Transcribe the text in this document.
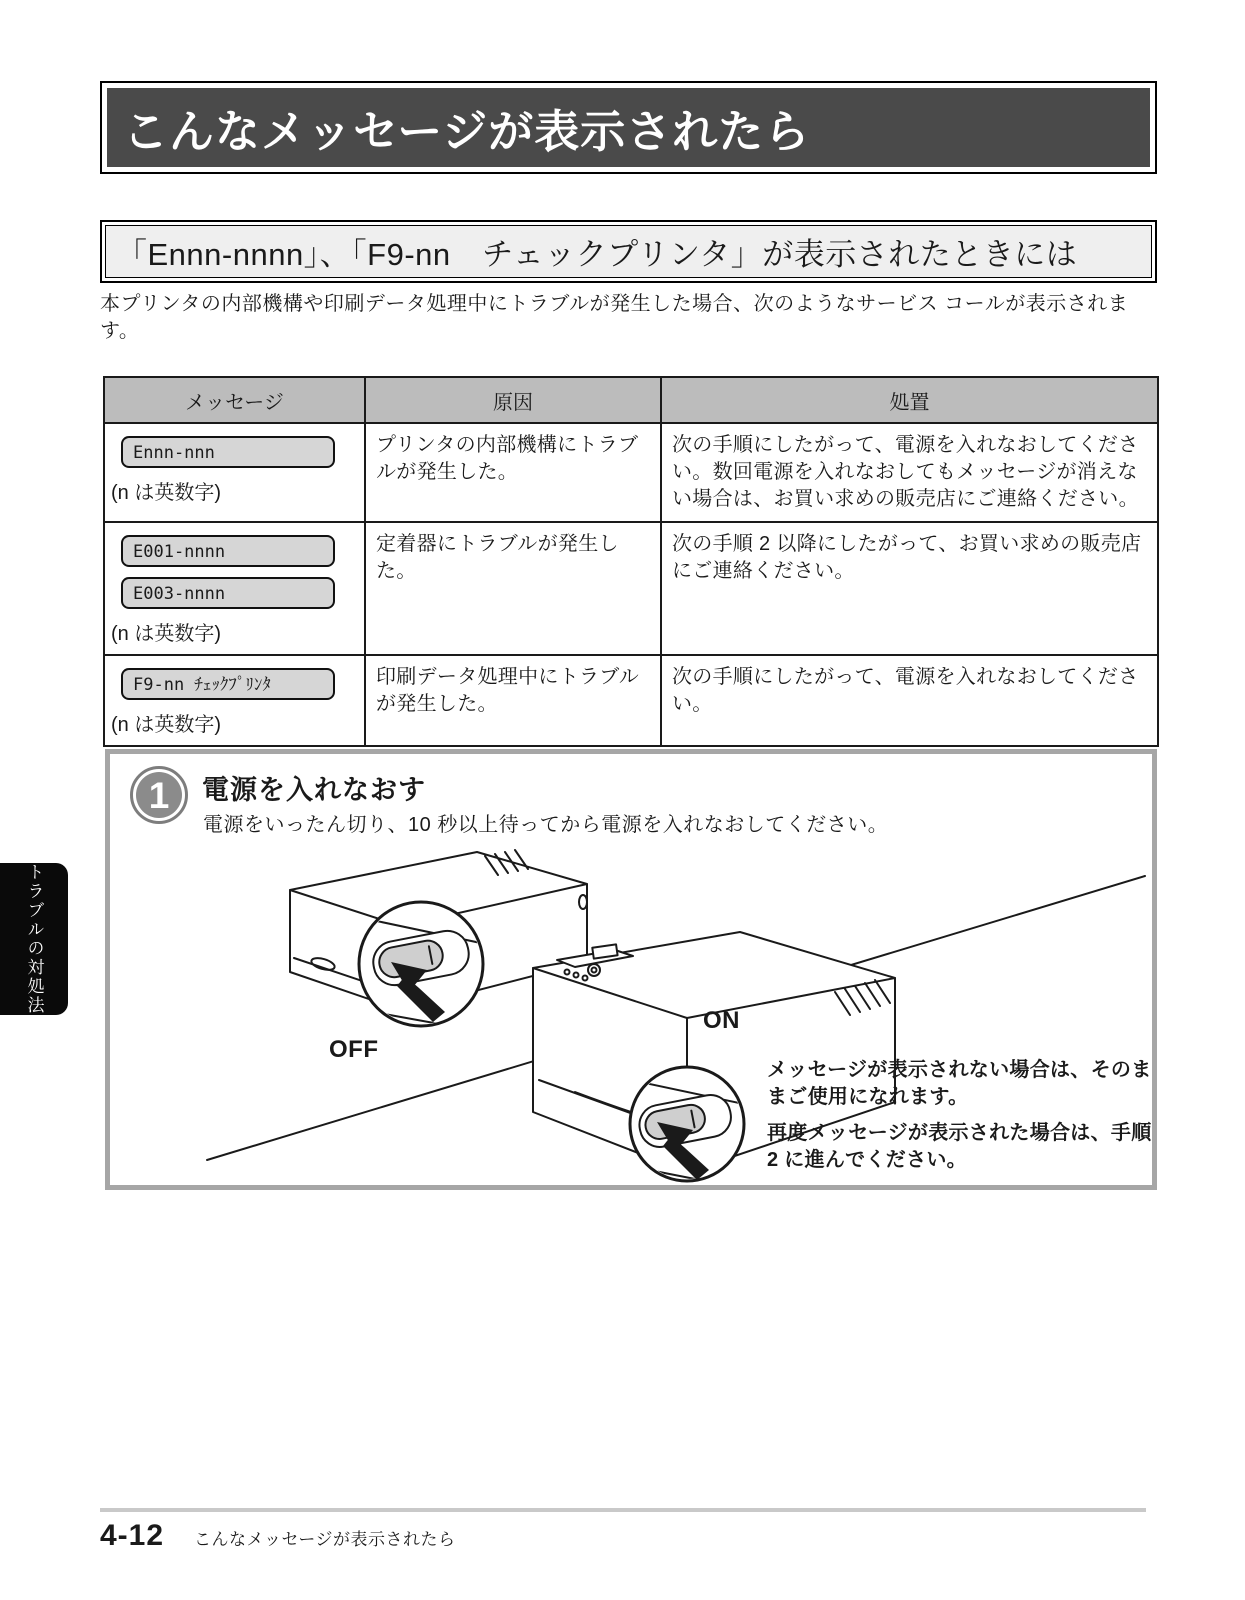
こんなメッセージが表示されたら
「Ennn-nnnn」、「F9-nn　チェックプリンタ」が表示されたときには
本プリンタの内部機構や印刷データ処理中にトラブルが発生した場合、次のようなサービス コールが表示されます。
メッセージ	原因	処置

Ennn-nnn
(n は英数字)	プリンタの内部機構にトラブルが発生した。	次の手順にしたがって、電源を入れなおしてください。数回電源を入れなおしてもメッセージが消えない場合は、お買い求めの販売店にご連絡ください。

E001-nnnn
E003-nnnn
(n は英数字)	定着器にトラブルが発生した。	次の手順 2 以降にしたがって、お買い求めの販売店にご連絡ください。

F9-nn ﾁｪｯｸﾌﾟﾘﾝﾀ
(n は英数字)	印刷データ処理中にトラブルが発生した。	次の手順にしたがって、電源を入れなおしてください。
1 電源を入れなおす
電源をいったん切り、10 秒以上待ってから電源を入れなおしてください。
OFF
ON

メッセージが表示されない場合は、そのままご使用になれます。

再度メッセージが表示された場合は、手順 2 に進んでください。

トラブルの対処法
4-12 こんなメッセージが表示されたら
